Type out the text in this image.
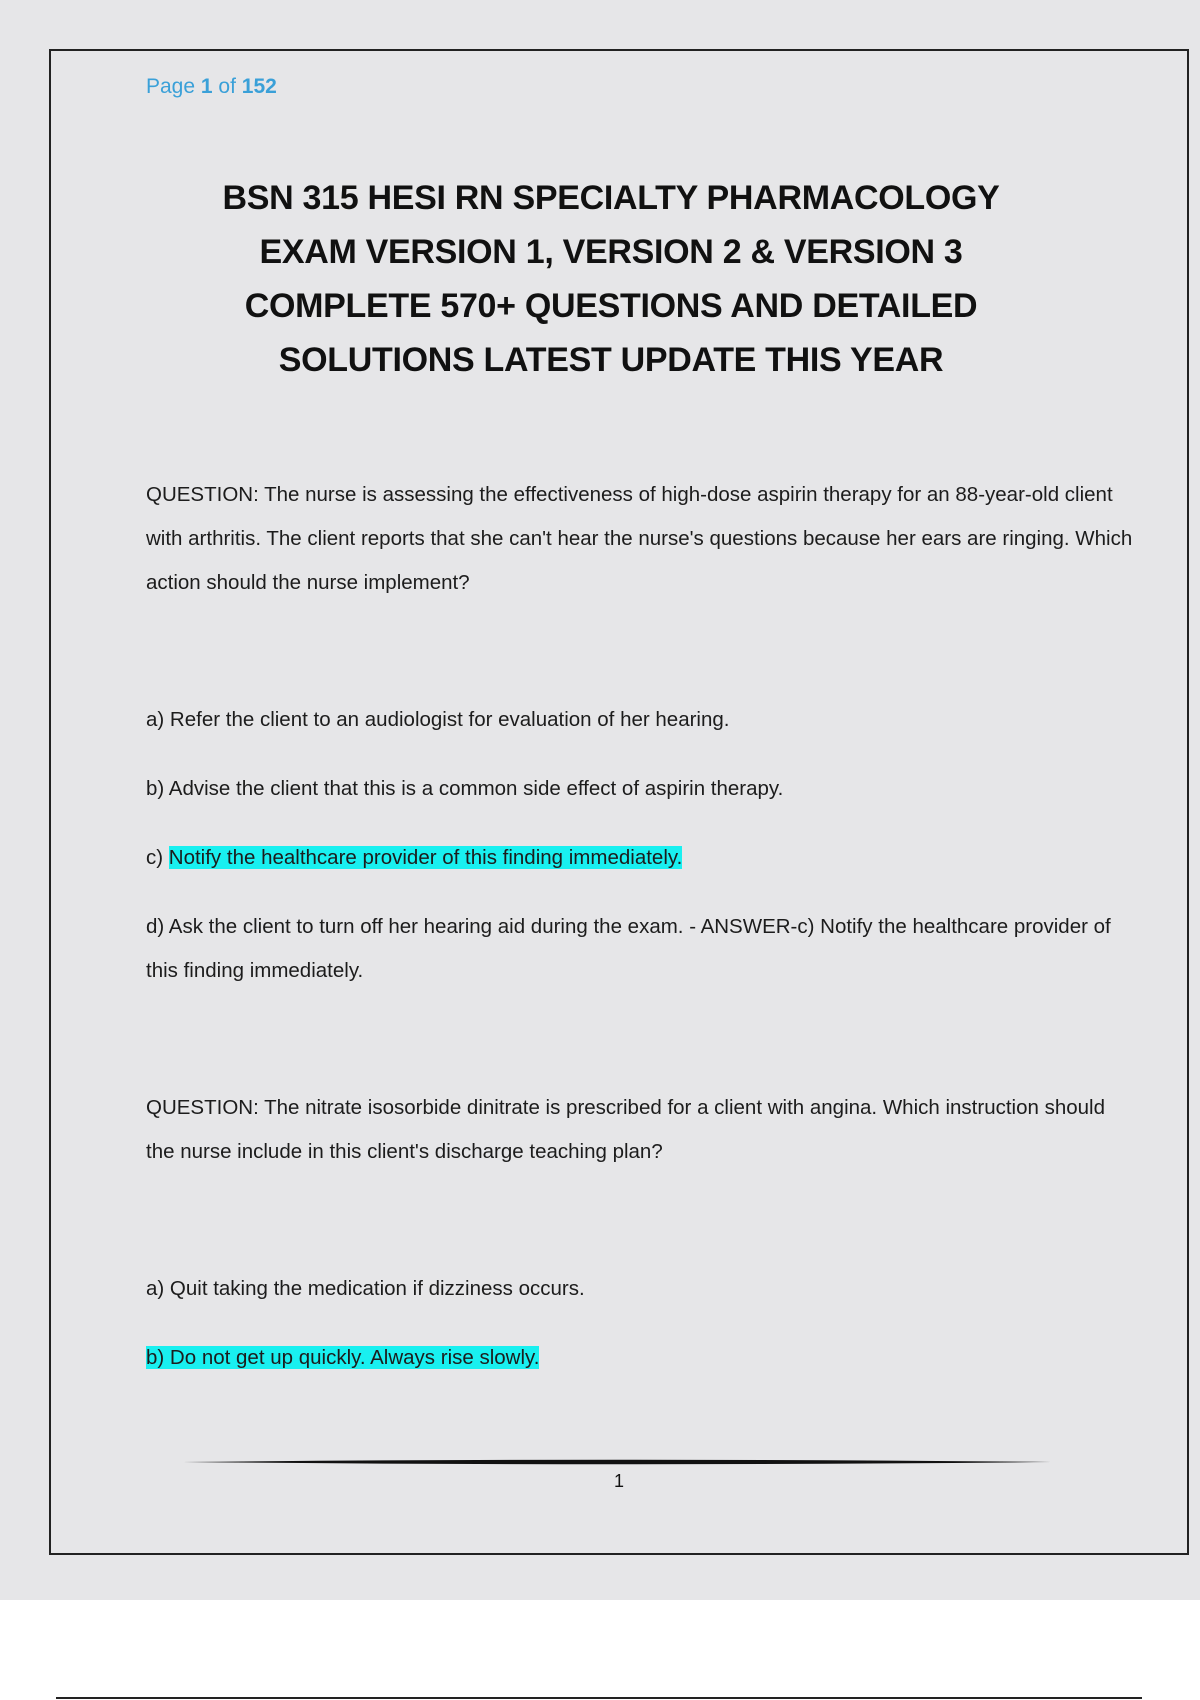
Page 1 of 152

BSN 315 HESI RN SPECIALTY PHARMACOLOGY EXAM VERSION 1, VERSION 2 & VERSION 3 COMPLETE 570+ QUESTIONS AND DETAILED SOLUTIONS LATEST UPDATE THIS YEAR

QUESTION: The nurse is assessing the effectiveness of high-dose aspirin therapy for an 88-year-old client with arthritis. The client reports that she can't hear the nurse's questions because her ears are ringing. Which action should the nurse implement?

a) Refer the client to an audiologist for evaluation of her hearing.

b) Advise the client that this is a common side effect of aspirin therapy.

c) Notify the healthcare provider of this finding immediately.

d) Ask the client to turn off her hearing aid during the exam. - ANSWER-c) Notify the healthcare provider of this finding immediately.

QUESTION: The nitrate isosorbide dinitrate is prescribed for a client with angina. Which instruction should the nurse include in this client's discharge teaching plan?

a) Quit taking the medication if dizziness occurs.

b) Do not get up quickly. Always rise slowly.

1
